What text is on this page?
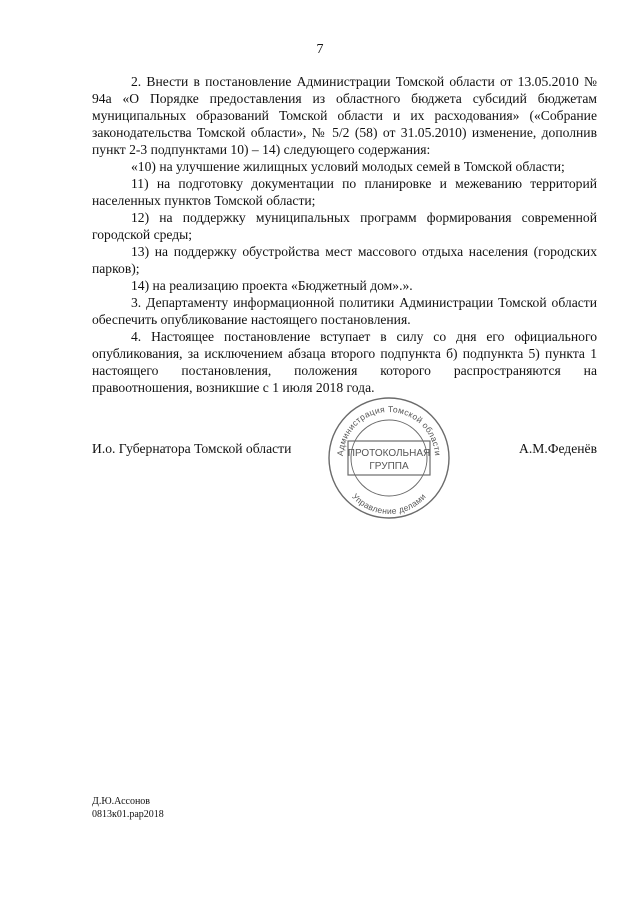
7

2. Внести в постановление Администрации Томской области от 13.05.2010 № 94а «О Порядке предоставления из областного бюджета субсидий бюджетам муниципальных образований Томской области и их расходования» («Собрание законодательства Томской области», № 5/2 (58) от 31.05.2010) изменение, дополнив пункт 2-3 подпунктами 10) – 14) следующего содержания:

«10) на улучшение жилищных условий молодых семей в Томской области;

11) на подготовку документации по планировке и межеванию территорий населенных пунктов Томской области;

12) на поддержку муниципальных программ формирования современной городской среды;

13) на поддержку обустройства мест массового отдыха населения (городских парков);

14) на реализацию проекта «Бюджетный дом».».

3. Департаменту информационной политики Администрации Томской области обеспечить опубликование настоящего постановления.

4. Настоящее постановление вступает в силу со дня его официального опубликования, за исключением абзаца второго подпункта б) подпункта 5) пункта 1 настоящего постановления, положения которого распространяются на правоотношения, возникшие с 1 июля 2018 года.

И.о. Губернатора Томской области	А.М.Феденёв
Администрация Томской области
Управление делами
ПРОТОКОЛЬНАЯ
ГРУППА
Д.Ю.Ассонов
0813к01.рар2018
